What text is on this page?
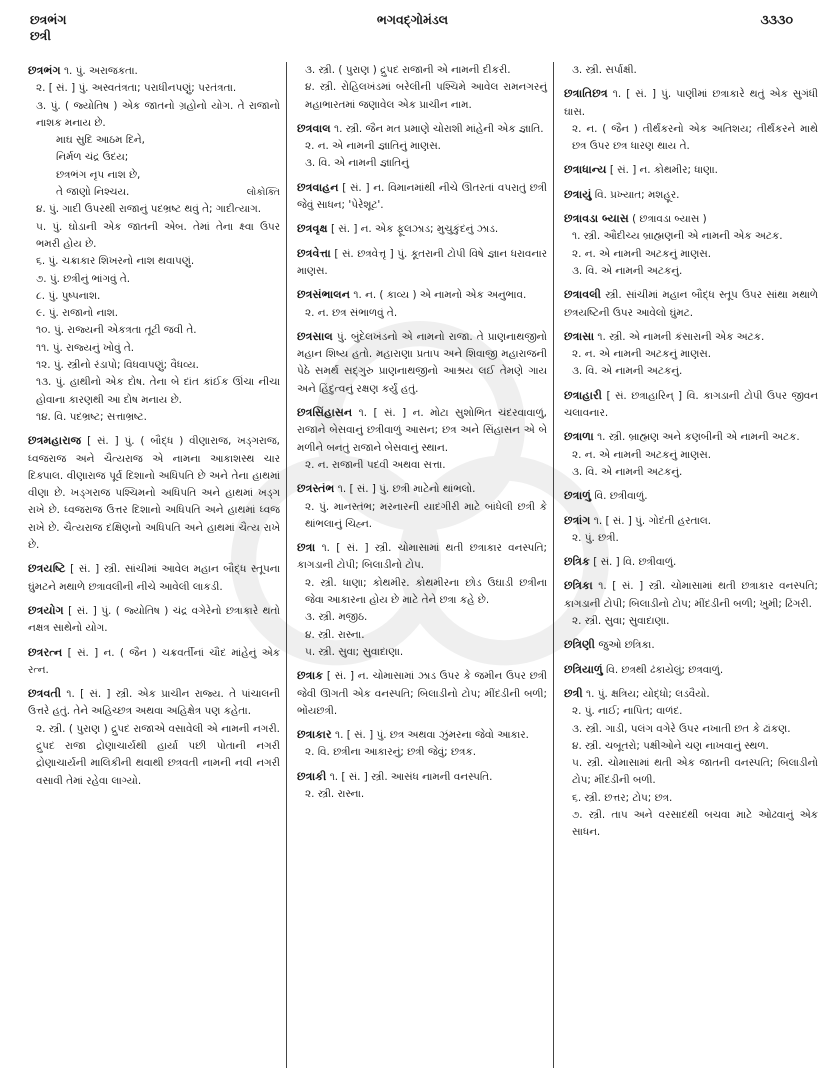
છત્રભંગ
છત્રી
ભગવદ્ગોમંડલ	૩૩૩૦

છત્રભંગ ૧. પું. અરાજકતા.

૨. [ સં. ] પું. અસ્વતંત્રતા; પરાધીનપણું; પરતંત્રતા.

૩. પું. ( જ્યોતિષ ) એક જાતનો ગ્રહોનો યોગ. તે રાજાનો નાશક મનાય છે.

માઘ સુદિ આઠમ દિને,

નિર્મળ ચંદ્ર ઉદય;

છત્રભંગ નૃપ નાશ છે,

તે જાણો નિશ્ચય.	લોકોક્તિ

૪. પું. ગાદી ઉપરથી રાજાનું પદભ્રષ્ટ થવું તે; ગાદીત્યાગ.

૫. પું. ઘોડાની એક જાતની એબ. તેમાં તેના ક્ષ્વા ઉપર ભમરી હોય છે.

૬. પું. ચક્રાકાર શિખરનો નાશ થવાપણું.

૭. પું. છત્રીનું ભાંગવું તે.

૮. પું. પુષ્પનાશ.

૯. પું. રાજાનો નાશ.

૧૦. પું. રાજ્યની એકત્રતા તૂટી જવી તે.

૧૧. પું. રાજ્યનું ખોવું તે.

૧૨. પું. સ્ત્રીનો રંડાપો; વિધવાપણું; વૈધવ્ય.

૧૩. પું. હાથીનો એક દોષ. તેના બે દાંત કાંઈક ઊંચા નીચા હોવાના કારણથી આ દોષ મનાય છે.

૧૪. વિ. પદભ્રષ્ટ; સત્તાભ્રષ્ટ.

છત્રમહારાજ [ સં. ] પું. ( બૌદ્ધ ) વીણારાજ, ખડ્ગરાજ, ધ્વજરાજ અને ચૈત્યરાજ એ નામના આકાશસ્થ ચાર દિક્પાલ. વીણારાજ પૂર્વ દિશાનો અધિપતિ છે અને તેના હાથમાં વીણા છે. ખડ્ગરાજ પશ્ચિમનો અધિપતિ અને હાથમાં ખડ્ગ રાખે છે. ધ્વજરાજ ઉત્તર દિશાનો અધિપતિ અને હાથમાં ધ્વજ રાખે છે. ચૈત્યરાજ દક્ષિણનો અધિપતિ અને હાથમાં ચૈત્ય રાખે છે.

છત્રયષ્ટિ [ સં. ] સ્ત્રી. સાંચીમાં આવેલ મહાન બૌદ્ધ સ્તૂપના ઘુંમટને મથાળે છત્રાવલીની નીચે આવેલી લાકડી.

છત્રયોગ [ સં. ] પું. ( જ્યોતિષ ) ચંદ્ર વગેરેનો છત્રાકારે થતો નક્ષત્ર સાથેનો યોગ.

છત્રરત્ન [ સં. ] ન. ( જૈન ) ચક્રવર્તીનાં ચૌદ માંહેનું એક રત્ન.

છત્રવતી ૧. [ સં. ] સ્ત્રી. એક પ્રાચીન રાજ્ય. તે પાંચાલની ઉત્તરે હતું. તેને અહિચ્છત્ર અથવા અહિક્ષેત્ર પણ કહેતા.

૨. સ્ત્રી. ( પુરાણ ) દ્રુપદ રાજાએ વસાવેલી એ નામની નગરી. દ્રુપદ રાજા દ્રોણાચાર્યથી હાર્યા પછી પોતાની નગરી દ્રોણાચાર્યની માલિકીની થવાથી છત્રવતી નામની નવી નગરી વસાવી તેમાં રહેવા લાગ્યો.

૩. સ્ત્રી. ( પુરાણ ) દ્રુપદ રાજાની એ નામની દીકરી.

૪. સ્ત્રી. રોહિલખંડમાં બરેલીની પશ્ચિમે આવેલ રામનગરનું મહાભારતમાં જણાવેલ એક પ્રાચીન નામ.

છત્રવાલ ૧. સ્ત્રી. જૈન મત પ્રમાણે ચોરાશી માંહેની એક જ્ઞાતિ.

૨. ન. એ નામની જ્ઞાતિનું માણસ.

૩. વિ. એ નામની જ્ઞાતિનું

છત્રવાહન [ સં. ] ન. વિમાનમાંથી નીચે ઊતરતાં વપરાતું છત્રી જેવું સાધન; 'પેરેશૂટ'.

છત્રવૃક્ષ [ સં. ] ન. એક ફૂલઝાડ; મુચુકુંદનું ઝાડ.

છત્રવેત્તા [ સં. છત્રવેત્તૃ ] પું. કૂતરાની ટોપી વિષે જ્ઞાન ધરાવનાર માણસ.

છત્રસંભાલન ૧. ન. ( કાવ્ય ) એ નામનો એક અનુભાવ.

૨. ન. છત્ર સંભાળવું તે.

છત્રસાલ પું. બુંદેલખંડનો એ નામનો રાજા. તે પ્રાણનાથજીનો મહાન શિષ્ય હતો. મહારાણા પ્રતાપ અને શિવાજી મહારાજની પેઠે સમર્થ સદ્ગુરુ પ્રાણનાથજીનો આશ્રય લઈ તેમણે ગાય અને હિંદુત્વનું રક્ષણ કર્યું હતું.

છત્રસિંહાસન ૧. [ સં. ] ન. મોટા સુશોભિત ચંદરવાવાળું, રાજાને બેસવાનું છત્રીવાળું આસન; છત્ર અને સિંહાસન એ બે મળીને બનતું રાજાને બેસવાનું સ્થાન.

૨. ન. રાજાની પદવી અથવા સત્તા.

છત્રસ્તંભ ૧. [ સં. ] પું. છત્રી માટેનો થાંભલો.

૨. પું. માનસ્તંભ; મરનારની યાદગીરી માટે બાંધેલી છત્રી કે થાંભલાનું ચિહ્ન.

છત્રા ૧. [ સં. ] સ્ત્રી. ચોમાસામાં થતી છત્રાકાર વનસ્પતિ; કાગડાની ટોપી; બિલાડીનો ટોપ.

૨. સ્ત્રી. ધાણા; કોથમીર. કોથમીરના છોડ ઉઘાડી છત્રીના જેવા આકારના હોય છે માટે તેને છત્રા કહે છે.

૩. સ્ત્રી. મજીઠ.

૪. સ્ત્રી. રાસ્ના.

૫. સ્ત્રી. સુવા; સુવાદાણા.

છત્રાક [ સં. ] ન. ચોમાસામાં ઝાડ ઉપર કે જમીન ઉપર છત્રી જેવી ઊગતી એક વનસ્પતિ; બિલાડીનો ટોપ; મીંદડીની બળી; ભોંયછત્રી.

છત્રાકાર ૧. [ સં. ] પું. છત્ર અથવા ઝુંમરના જેવો આકાર.

૨. વિ. છત્રીના આકારનું; છત્રી જેવું; છત્રક.

છત્રાકી ૧. [ સં. ] સ્ત્રી. આસંધ નામની વનસ્પતિ.

૨. સ્ત્રી. રાસ્ના.

૩. સ્ત્રી. સર્પાક્ષી.

છત્રાતિછત્ર ૧. [ સં. ] પું. પાણીમાં છત્રાકારે થતું એક સુગંધી ઘાસ.

૨. ન. ( જૈન ) તીર્થંકરનો એક અતિશય; તીર્થંકરને માથે છત્ર ઉપર છત્ર ધારણ થાય તે.

છત્રાધાન્ય [ સં. ] ન. કોથમીર; ધાણા.

છત્રાયું વિ. પ્રખ્યાત; મશહૂર.

છત્રાવડા બ્યાસ ( છત્રાવડા બ્યાસ )

૧. સ્ત્રી. ઔદીચ્ય બ્રાહ્મણની એ નામની એક અટક.

૨. ન. એ નામની અટકનું માણસ.

૩. વિ. એ નામની અટકનું.

છત્રાવલી સ્ત્રી. સાંચીમાં મહાન બૌદ્ધ સ્તૂપ ઉપર સાંથા મથાળે છત્રયષ્ટિની ઉપર આવેલો ઘુંમટ.

છત્રાસા ૧. સ્ત્રી. એ નામની કંસારાની એક અટક.

૨. ન. એ નામની અટકનું માણસ.

૩. વિ. એ નામની અટકનું.

છત્રાહારી [ સં. છત્રાહારિન્ ] વિ. કાગડાની ટોપી ઉપર જીવન ચલાવનાર.

છત્રાળા ૧. સ્ત્રી. બ્રાહ્મણ અને કણબીની એ નામની અટક.

૨. ન. એ નામની અટકનું માણસ.

૩. વિ. એ નામની અટકનું.

છત્રાળું વિ. છત્રીવાળું.

છત્રાંગ ૧. [ સં. ] પું. ગોદંતી હરતાલ.

૨. પું. છત્રી.

છત્રિક [ સં. ] વિ. છત્રીવાળું.

છત્રિકા ૧. [ સં. ] સ્ત્રી. ચોમાસામાં થતી છત્રાકાર વનસ્પતિ; કાગડાની ટોપી; બિલાડીનો ટોપ; મીંદડીની બળી; ખુમી; ઢિંગરી.

૨. સ્ત્રી. સુવા; સુવાદાણા.

છત્રિણી જુઓ છત્રિકા.

છત્રિયાળું વિ. છત્રથી ઢંકાયેલું; છત્રવાળું.

છત્રી ૧. પું. ક્ષત્રિય; યોદ્ધો; લડવૈયો.

૨. પું. નાઈ; નાપિત; વાળંદ.

૩. સ્ત્રી. ગાડી, પલંગ વગેરે ઉપર નખાતી છત કે ઢાંકણ.

૪. સ્ત્રી. ચબૂતરો; પક્ષીઓને ચણ નાખવાનું સ્થળ.

૫. સ્ત્રી. ચોમાસામાં થતી એક જાતની વનસ્પતિ; બિલાડીનો ટોપ; મીંદડીની બળી.

૬. સ્ત્રી. છત્તર; ટોપ; છત્ર.

૭. સ્ત્રી. તાપ અને વરસાદથી બચવા માટે ઓઢવાનું એક સાધન.
